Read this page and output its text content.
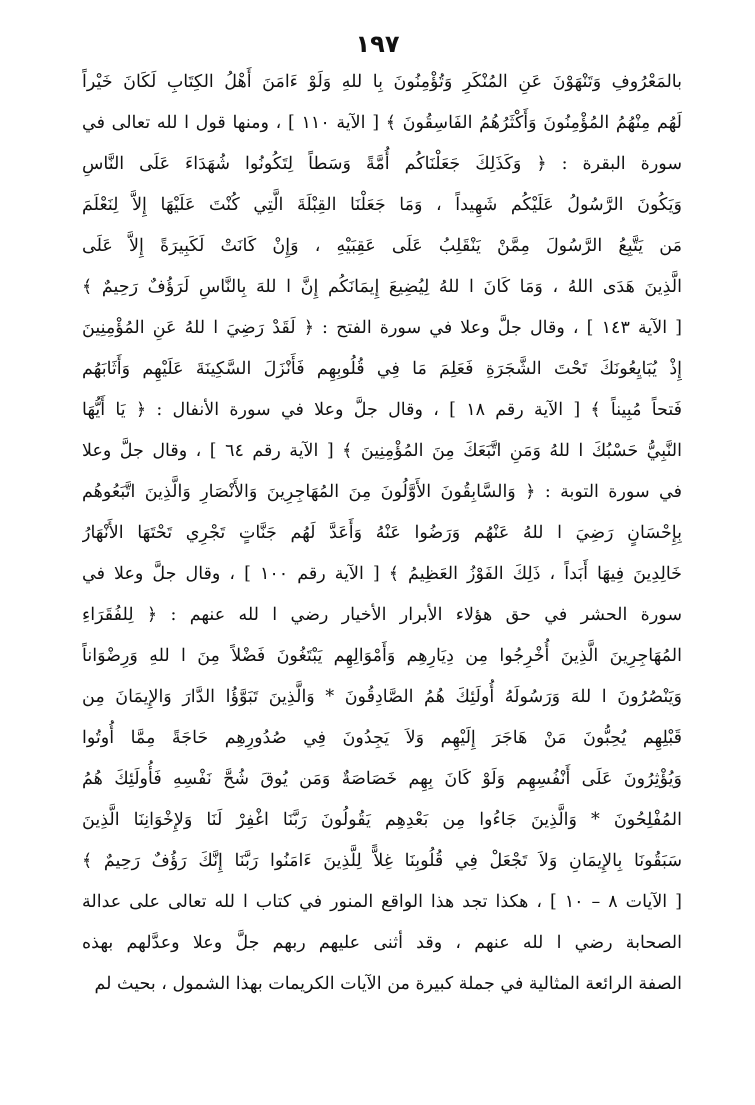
١٩٧
بالمَعْرُوفِ وَتَنْهَوْنَ عَنِ المُنْكَرِ وَتُؤْمِنُونَ بِا للهِ وَلَوْ ءَامَنَ أَهْلُ الكِتَابِ لَكَانَ خَيْراً
لَهُم مِنْهُمُ المُؤْمِنُونَ وَأَكْثَرُهُمُ الفَاسِقُونَ ﴾ [ الآية ١١٠ ] ، ومنها قول ا لله تعالى في
سورة البقرة : ﴿ وَكَذَلِكَ جَعَلْنَاكُم أُمَّةً وَسَطاً لِتَكُونُوا شُهَدَاءَ عَلَى النَّاسِ
وَيَكُونَ الرَّسُولُ عَلَيْكُم شَهِيداً ، وَمَا جَعَلْنَا القِبْلَةَ الَّتِي كُنْتَ عَلَيْهَا إِلاَّ لِنَعْلَمَ
مَن يَتَّبِعُ الرَّسُولَ مِمَّنْ يَنْقَلِبُ عَلَى عَقِبَيْهِ ، وَإِنْ كَانَتْ لَكَبِيرَةً إِلاَّ عَلَى
الَّذِينَ هَدَى اللهُ ، وَمَا كَانَ ا للهُ لِيُضِيعَ إِيمَانَكُم إِنَّ ا للهَ بِالنَّاسِ لَرَؤُفٌ رَحِيمٌ ﴾
[ الآية ١٤٣ ] ، وقال جلَّ وعلا في سورة الفتح : ﴿ لَقَدْ رَضِيَ ا للهُ عَنِ المُؤْمِنِينَ
إِذْ يُبَايِعُونَكَ تَحْتَ الشَّجَرَةِ فَعَلِمَ مَا فِي قُلُوبِهِم فَأَنْزَلَ السَّكِينَةَ عَلَيْهِم وَأَثَابَهُم
فَتحاً مُبِيناً ﴾ [ الآية رقم ١٨ ] ، وقال جلَّ وعلا في سورة الأنفال : ﴿ يَا أَيُّهَا
النَّبِيُّ حَسْبُكَ ا للهُ وَمَنِ اتَّبَعَكَ مِنَ المُؤْمِنِينَ ﴾ [ الآية رقم ٦٤ ] ، وقال جلَّ وعلا
في سورة التوبة : ﴿ وَالسَّابِقُونَ الأَوَّلُونَ مِنَ المُهَاجِرِينَ وَالأَنْصَارِ وَالَّذِينَ اتَّبَعُوهُم
بِإِحْسَانٍ رَضِيَ ا للهُ عَنْهُم وَرَضُوا عَنْهُ وَأَعَدَّ لَهُم جَنَّاتٍ تَجْرِي تَحْتَهَا الأَنْهَارُ
خَالِدِينَ فِيهَا أَبَداً ، ذَلِكَ الفَوْزُ العَظِيمُ ﴾ [ الآية رقم ١٠٠ ] ، وقال جلَّ وعلا في
سورة الحشر في حق هؤلاء الأبرار الأخيار رضي ا لله عنهم : ﴿ لِلفُقَرَاءِ
المُهَاجِرِينَ الَّذِينَ أُخْرِجُوا مِن دِيَارِهِم وَأَمْوَالِهِم يَبْتَغُونَ فَضْلاً مِنَ ا للهِ وَرِضْوَاناً
وَيَنْصُرُونَ ا للهَ وَرَسُولَهُ أُولَئِكَ هُمُ الصَّادِقُونَ * وَالَّذِينَ تَبَوَّؤُا الدَّارَ وَالإِيمَانَ مِن
قَبْلِهِم يُحِبُّونَ مَنْ هَاجَرَ إِلَيْهِم وَلاَ يَجِدُونَ فِي صُدُورِهِم حَاجَةً مِمَّا أُوتُوا
وَيُؤْثِرُونَ عَلَى أَنْفُسِهِم وَلَوْ كَانَ بِهِم خَصَاصَةٌ وَمَن يُوقَ شُحَّ نَفْسِهِ فَأُولَئِكَ هُمُ
المُفْلِحُونَ * وَالَّذِينَ جَاءُوا مِن بَعْدِهِم يَقُولُونَ رَبَّنَا اغْفِرْ لَنَا وَلإِخْوَانِنَا الَّذِينَ
سَبَقُونَا بِالإِيمَانِ وَلاَ تَجْعَلْ فِي قُلُوبِنَا غِلاًّ لِلَّذِينَ ءَامَنُوا رَبَّنَا إِنَّكَ رَؤُفٌ رَحِيمٌ ﴾
[ الآيات ٨ – ١٠ ] ، هكذا تجد هذا الواقع المنور في كتاب ا لله تعالى على عدالة
الصحابة رضي ا لله عنهم ، وقد أثنى عليهم ربهم جلَّ وعلا وعدَّلهم بهذه
الصفة الرائعة المثالية في جملة كبيرة من الآيات الكريمات بهذا الشمول ، بحيث لم
